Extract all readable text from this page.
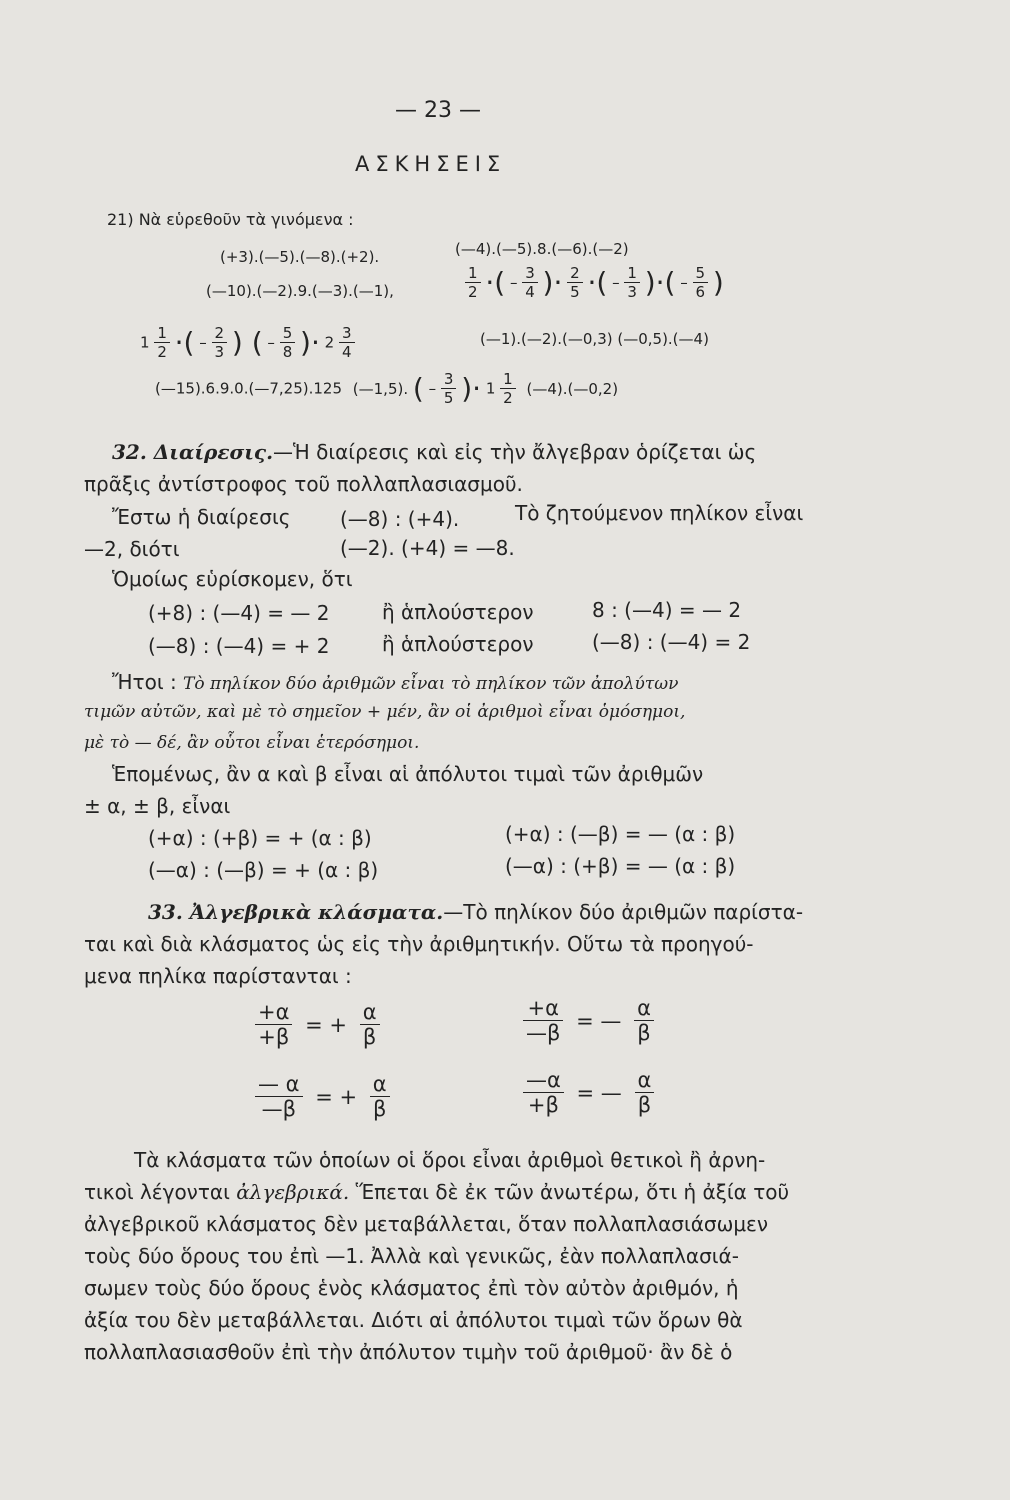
— 23 —
ΑΣΚΗΣΕΙΣ
21) Νὰ εὑρεθοῦν τὰ γινόμενα :
(+3).(—5).(—8).(+2).	(—4).(—5).8.(—6).(—2)
(—10).(—2).9.(—3).(—1),	$\frac{1}{2}$ ·( – $\frac{3}{4}$ )· $\frac{2}{5}$ ·( – $\frac{1}{3}$ )·( – $\frac{5}{6}$ )
$1 \frac{1}{2}$ ·( – $\frac{2}{3}$ ) ( – $\frac{5}{8}$ )· $2 \frac{3}{4}$	(—1).(—2).(—0,3) (—0,5).(—4)
(—15).6.9.0.(—7,25).125 (—1,5). ( – $\frac{3}{5}$ )· $1 \frac{1}{2}$ (—4).(—0,2)
32. Διαίρεσις.—Ἡ διαίρεσις καὶ εἰς τὴν ἄλγεβραν ὁρίζεται ὡς
πρᾶξις ἀντίστροφος τοῦ πολλαπλασιασμοῦ.
Ἔστω ἡ διαίρεσις (—8) : (+4).	Τὸ ζητούμενον πηλίκον εἶναι
—2, διότι	(—2). (+4) = —8.
Ὁμοίως εὑρίσκομεν, ὅτι
(+8) : (—4) = — 2	ἢ ἁπλούστερον	8 : (—4) = — 2
(—8) : (—4) = + 2	ἢ ἁπλούστερον	(—8) : (—4) = 2
Ἤτοι : Τὸ πηλίκον δύο ἀριθμῶν εἶναι τὸ πηλίκον τῶν ἀπολύτων
τιμῶν αὐτῶν, καὶ μὲ τὸ σημεῖον + μέν, ἂν οἱ ἀριθμοὶ εἶναι ὁμόσημοι,
μὲ τὸ — δέ, ἂν οὗτοι εἶναι ἑτερόσημοι.
Ἑπομένως, ἂν α καὶ β εἶναι αἱ ἀπόλυτοι τιμαὶ τῶν ἀριθμῶν
± α, ± β, εἶναι
(+α) : (+β) = + (α : β)	(+α) : (—β) = — (α : β)
(—α) : (—β) = + (α : β)	(—α) : (+β) = — (α : β)
33. Ἀλγεβρικὰ κλάσματα.—Τὸ πηλίκον δύο ἀριθμῶν παρίστα-
ται καὶ διὰ κλάσματος ὡς εἰς τὴν ἀριθμητικήν. Οὕτω τὰ προηγού-
μενα πηλίκα παρίστανται :
$\frac{+\alpha}{+\beta}$ = + $\frac{\alpha}{\beta}$	$\frac{+\alpha}{—\beta}$ = — $\frac{\alpha}{\beta}$
$\frac{— \alpha}{—\beta}$ = + $\frac{\alpha}{\beta}$	$\frac{—\alpha}{+\beta}$ = — $\frac{\alpha}{\beta}$
Τὰ κλάσματα τῶν ὁποίων οἱ ὅροι εἶναι ἀριθμοὶ θετικοὶ ἢ ἀρνη-
τικοὶ λέγονται ἀλγεβρικά. Ἕπεται δὲ ἐκ τῶν ἀνωτέρω, ὅτι ἡ ἀξία τοῦ
ἀλγεβρικοῦ κλάσματος δὲν μεταβάλλεται, ὅταν πολλαπλασιάσωμεν
τοὺς δύο ὅρους του ἐπὶ —1. Ἀλλὰ καὶ γενικῶς, ἐὰν πολλαπλασιά-
σωμεν τοὺς δύο ὅρους ἑνὸς κλάσματος ἐπὶ τὸν αὐτὸν ἀριθμόν, ἡ
ἀξία του δὲν μεταβάλλεται. Διότι αἱ ἀπόλυτοι τιμαὶ τῶν ὅρων θὰ
πολλαπλασιασθοῦν ἐπὶ τὴν ἀπόλυτον τιμὴν τοῦ ἀριθμοῦ· ἂν δὲ ὁ
